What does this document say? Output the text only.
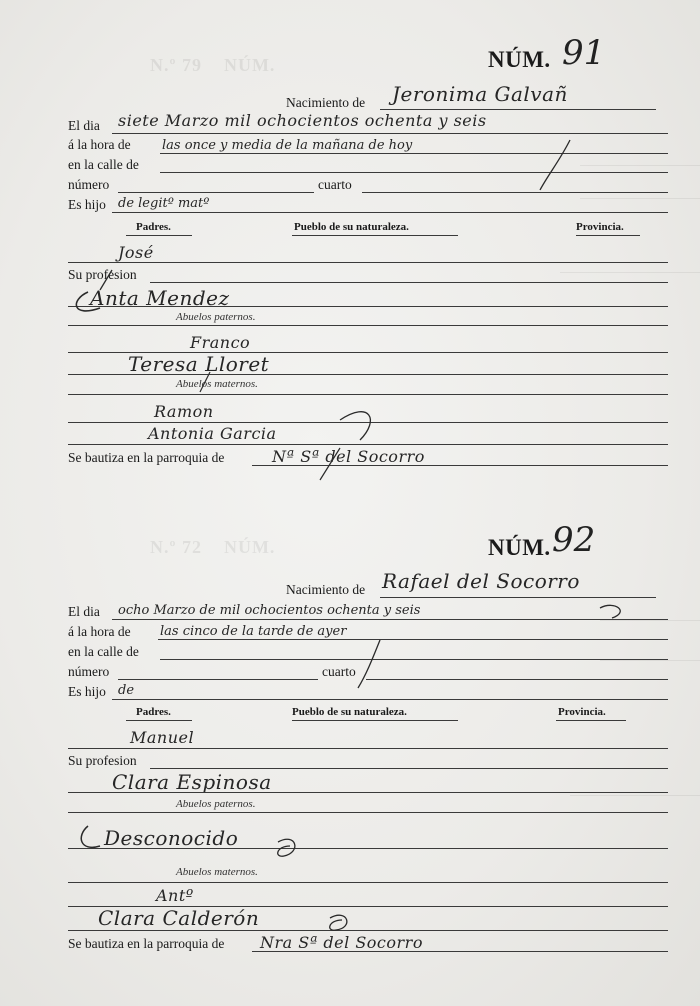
N.º 79    NÚM.
N.º 72    NÚM.
NÚM. 91
Nacimiento de Jeronima Galvañ
El dia siete Marzo mil ochocientos ochenta y seis
á la hora de las once y media de la mañana de hoy
en la calle de
número	cuarto
Es hijo de legitº matº
Padres.	Pueblo de su naturaleza.	Provincia.
José
Su profesion
Anta Mendez
Abuelos paternos.
Franco
Teresa Lloret
Abuelos maternos.
Ramon
Antonia Garcia
Se bautiza en la parroquia de	Nª Sª del Socorro
NÚM. 92
Nacimiento de Rafael del Socorro
El dia ocho Marzo de mil ochocientos ochenta y seis
á la hora de las cinco de la tarde de ayer
en la calle de
número	cuarto
Es hijo de
Padres.	Pueblo de su naturaleza.	Provincia.
Manuel
Su profesion
Clara Espinosa
Abuelos paternos.
Desconocido
Abuelos maternos.
Antº
Clara Calderón
Se bautiza en la parroquia de Nra Sª del Socorro
